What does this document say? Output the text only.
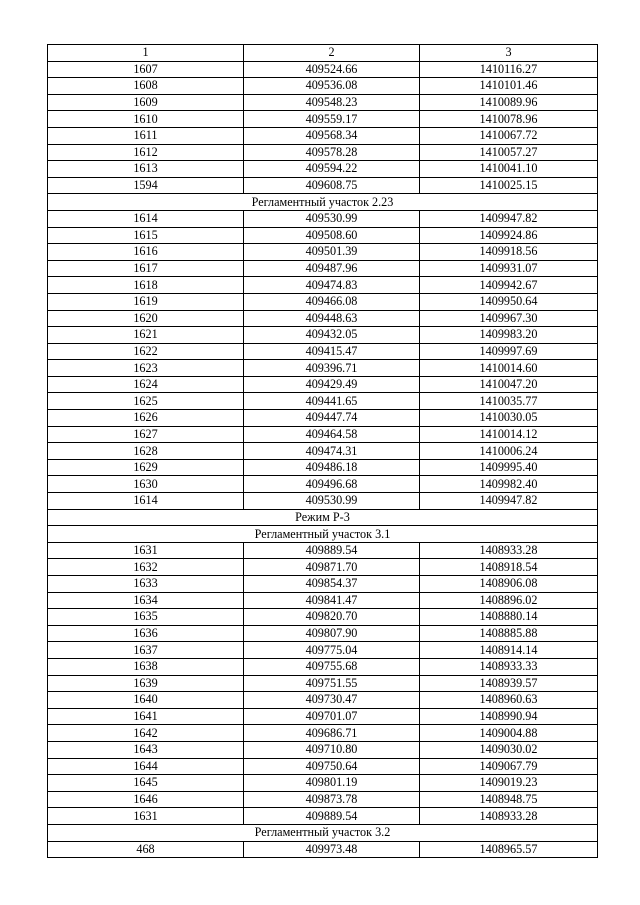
1	2	3
1607	409524.66	1410116.27
1608	409536.08	1410101.46
1609	409548.23	1410089.96
1610	409559.17	1410078.96
1611	409568.34	1410067.72
1612	409578.28	1410057.27
1613	409594.22	1410041.10
1594	409608.75	1410025.15
Регламентный участок 2.23		
1614	409530.99	1409947.82
1615	409508.60	1409924.86
1616	409501.39	1409918.56
1617	409487.96	1409931.07
1618	409474.83	1409942.67
1619	409466.08	1409950.64
1620	409448.63	1409967.30
1621	409432.05	1409983.20
1622	409415.47	1409997.69
1623	409396.71	1410014.60
1624	409429.49	1410047.20
1625	409441.65	1410035.77
1626	409447.74	1410030.05
1627	409464.58	1410014.12
1628	409474.31	1410006.24
1629	409486.18	1409995.40
1630	409496.68	1409982.40
1614	409530.99	1409947.82
Режим Р-3		
Регламентный участок 3.1		
1631	409889.54	1408933.28
1632	409871.70	1408918.54
1633	409854.37	1408906.08
1634	409841.47	1408896.02
1635	409820.70	1408880.14
1636	409807.90	1408885.88
1637	409775.04	1408914.14
1638	409755.68	1408933.33
1639	409751.55	1408939.57
1640	409730.47	1408960.63
1641	409701.07	1408990.94
1642	409686.71	1409004.88
1643	409710.80	1409030.02
1644	409750.64	1409067.79
1645	409801.19	1409019.23
1646	409873.78	1408948.75
1631	409889.54	1408933.28
Регламентный участок 3.2		
468	409973.48	1408965.57
